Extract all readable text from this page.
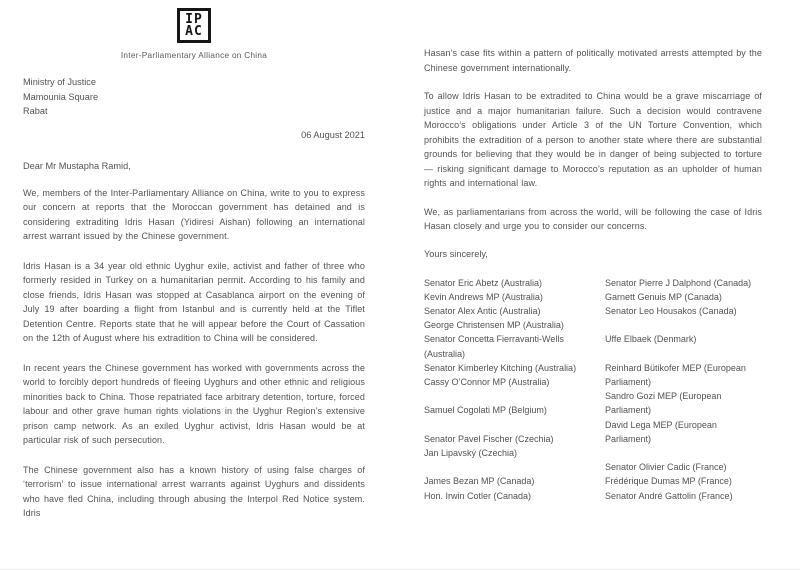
IP
AC
Inter-Parliamentary Alliance on China
Ministry of Justice
Mamounia Square
Rabat
06 August 2021
Dear Mr Mustapha Ramid,

We, members of the Inter-Parliamentary Alliance on China, write to you to express our concern at reports that the Moroccan government has detained and is considering extraditing Idris Hasan (Yidiresi Aishan) following an international arrest warrant issued by the Chinese government.

Idris Hasan is a 34 year old ethnic Uyghur exile, activist and father of three who formerly resided in Turkey on a humanitarian permit. According to his family and close friends, Idris Hasan was stopped at Casablanca airport on the evening of July 19 after boarding a flight from Istanbul and is currently held at the Tiflet Detention Centre. Reports state that he will appear before the Court of Cassation on the 12th of August where his extradition to China will be considered.

In recent years the Chinese government has worked with governments across the world to forcibly deport hundreds of fleeing Uyghurs and other ethnic and religious minorities back to China. Those repatriated face arbitrary detention, torture, forced labour and other grave human rights violations in the Uyghur Region’s extensive prison camp network. As an exiled Uyghur activist, Idris Hasan would be at particular risk of such persecution.

The Chinese government also has a known history of using false charges of ‘terrorism’ to issue international arrest warrants against Uyghurs and dissidents who have fled China, including through abusing the Interpol Red Notice system. Idris

Hasan’s case fits within a pattern of politically motivated arrests attempted by the Chinese government internationally.

To allow Idris Hasan to be extradited to China would be a grave miscarriage of justice and a major humanitarian failure. Such a decision would contravene Morocco’s obligations under Article 3 of the UN Torture Convention, which prohibits the extradition of a person to another state where there are substantial grounds for believing that they would be in danger of being subjected to torture — risking significant damage to Morocco’s reputation as an upholder of human rights and international law.

We, as parliamentarians from across the world, will be following the case of Idris Hasan closely and urge you to consider our concerns.

Yours sincerely,
Senator Eric Abetz (Australia)
Kevin Andrews MP (Australia)
Senator Alex Antic (Australia)
George Christensen MP (Australia)
Senator Concetta Fierravanti-Wells
(Australia)
Senator Kimberley Kitching (Australia)
Cassy O’Connor MP (Australia)

Samuel Cogolati MP (Belgium)

Senator Pavel Fischer (Czechia)
Jan Lipavský (Czechia)

James Bezan MP (Canada)
Hon. Irwin Cotler (Canada)
Senator Pierre J Dalphond (Canada)
Garnett Genuis MP (Canada)
Senator Leo Housakos (Canada)

Uffe Elbaek (Denmark)

Reinhard Bütikofer MEP (European
Parliament)
Sandro Gozi MEP (European
Parliament)
David Lega MEP (European
Parliament)

Senator Olivier Cadic (France)
Frédérique Dumas MP (France)
Senator André Gattolin (France)
